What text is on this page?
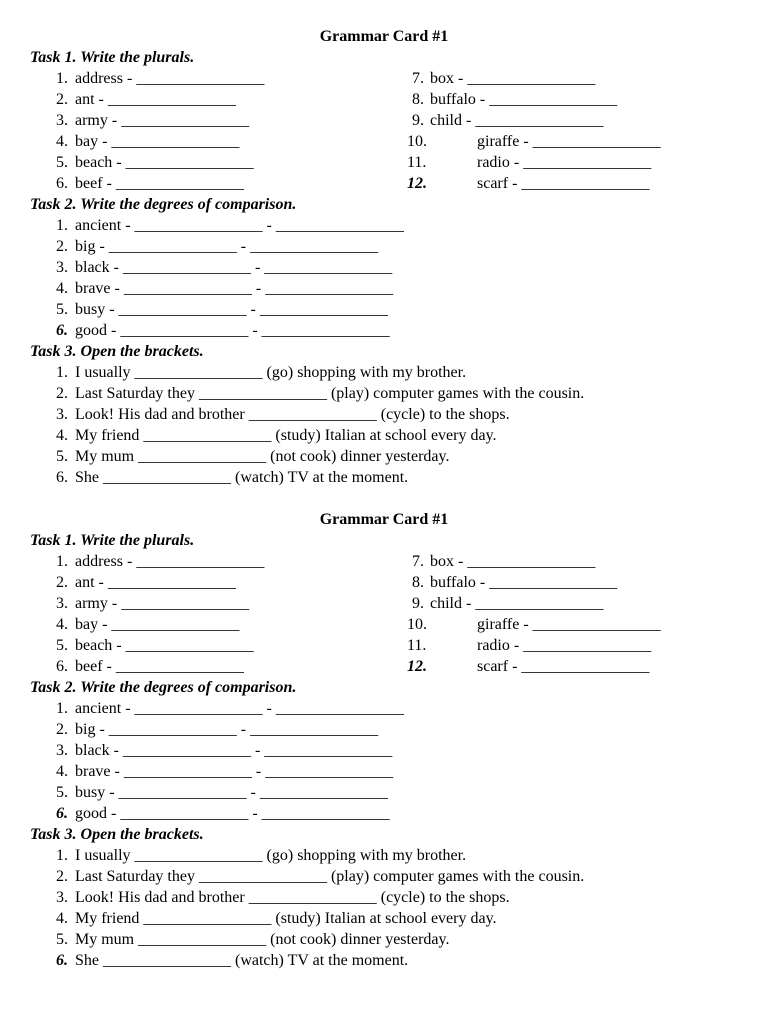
Grammar Card #1
Task 1. Write the plurals.
1. address - ________________
2. ant - ________________
3. army - ________________
4. bay - ________________
5. beach - ________________
6. beef - ________________
7. box - ________________
8. buffalo - ________________
9. child - ________________
10.	giraffe - ________________
11.	radio - ________________
12.	scarf - ________________
Task 2. Write the degrees of comparison.
1. ancient - ________________ - ________________
2. big - ________________ - ________________
3. black - ________________ - ________________
4. brave - ________________ - ________________
5. busy - ________________ - ________________
6. good - ________________ - ________________
Task 3. Open the brackets.
1. I usually ________________ (go) shopping with my brother.
2. Last Saturday they ________________ (play) computer games with the cousin.
3. Look! His dad and brother ________________ (cycle) to the shops.
4. My friend ________________ (study) Italian at school every day.
5. My mum ________________ (not cook) dinner yesterday.
6. She ________________ (watch) TV at the moment.
Grammar Card #1
Task 1. Write the plurals.
1. address - ________________
2. ant - ________________
3. army - ________________
4. bay - ________________
5. beach - ________________
6. beef - ________________
7. box - ________________
8. buffalo - ________________
9. child - ________________
10.	giraffe - ________________
11.	radio - ________________
12.	scarf - ________________
Task 2. Write the degrees of comparison.
1. ancient - ________________ - ________________
2. big - ________________ - ________________
3. black - ________________ - ________________
4. brave - ________________ - ________________
5. busy - ________________ - ________________
6. good - ________________ - ________________
Task 3. Open the brackets.
1. I usually ________________ (go) shopping with my brother.
2. Last Saturday they ________________ (play) computer games with the cousin.
3. Look! His dad and brother ________________ (cycle) to the shops.
4. My friend ________________ (study) Italian at school every day.
5. My mum ________________ (not cook) dinner yesterday.
6. She ________________ (watch) TV at the moment.
